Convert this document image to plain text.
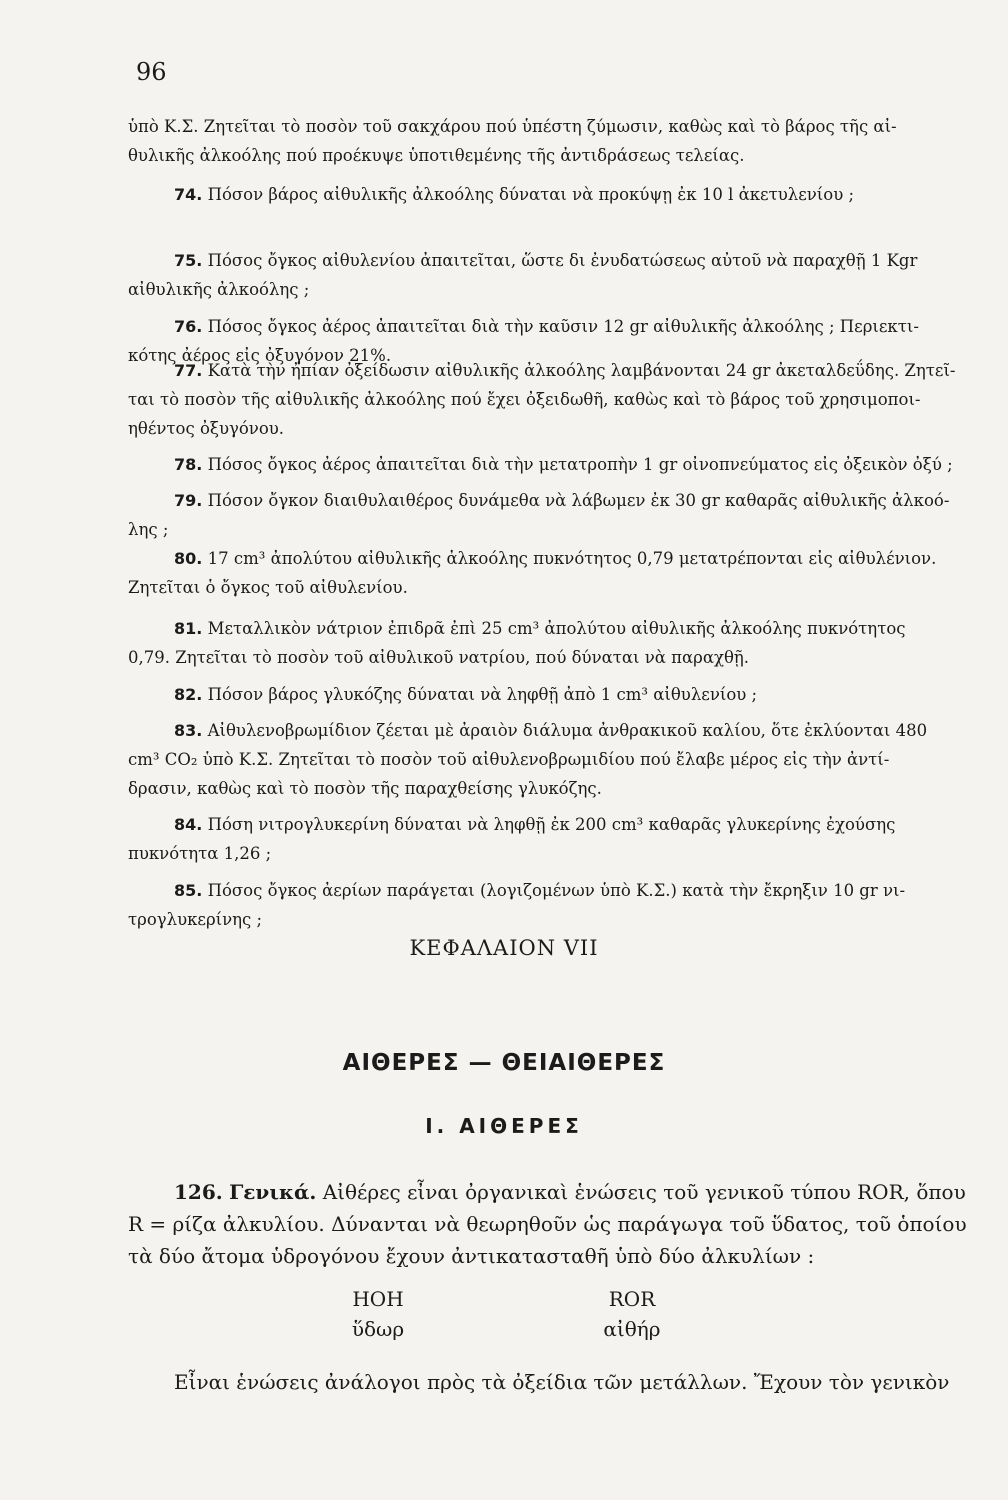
96
ὑπὸ Κ.Σ. Ζητεῖται τὸ ποσὸν τοῦ σακχάρου πού ὑπέστη ζύμωσιν, καθὼς καὶ τὸ βάρος τῆς αἰ-
θυλικῆς ἀλκοόλης πού προέκυψε ὑποτιθεμένης τῆς ἀντιδράσεως τελείας.
74. Πόσον βάρος αἰθυλικῆς ἀλκοόλης δύναται νὰ προκύψῃ ἐκ 10 l ἀκετυλενίου ;
75. Πόσος ὄγκος αἰθυλενίου ἀπαιτεῖται, ὥστε δι ἐνυδατώσεως αὐτοῦ νὰ παραχθῇ 1 Kgr
αἰθυλικῆς ἀλκοόλης ;
76. Πόσος ὄγκος ἀέρος ἀπαιτεῖται διὰ τὴν καῦσιν 12 gr αἰθυλικῆς ἀλκοόλης ; Περιεκτι-
κότης ἀέρος εἰς ὀξυγόνον 21%.
77. Κατὰ τὴν ἠπίαν ὀξείδωσιν αἰθυλικῆς ἀλκοόλης λαμβάνονται 24 gr ἀκεταλδεΰδης. Ζητεῖ-
ται τὸ ποσὸν τῆς αἰθυλικῆς ἀλκοόλης πού ἔχει ὀξειδωθῆ, καθὼς καὶ τὸ βάρος τοῦ χρησιμοποι-
ηθέντος ὀξυγόνου.
78. Πόσος ὄγκος ἀέρος ἀπαιτεῖται διὰ τὴν μετατροπὴν 1 gr οἰνοπνεύματος εἰς ὀξεικὸν ὀξύ ;
79. Πόσον ὄγκον διαιθυλαιθέρος δυνάμεθα νὰ λάβωμεν ἐκ 30 gr καθαρᾶς αἰθυλικῆς ἀλκοό-
λης ;
80. 17 cm³ ἀπολύτου αἰθυλικῆς ἀλκοόλης πυκνότητος 0,79 μετατρέπονται εἰς αἰθυλένιον.
Ζητεῖται ὁ ὄγκος τοῦ αἰθυλενίου.
81. Μεταλλικὸν νάτριον ἐπιδρᾶ ἐπὶ 25 cm³ ἀπολύτου αἰθυλικῆς ἀλκοόλης πυκνότητος
0,79. Ζητεῖται τὸ ποσὸν τοῦ αἰθυλικοῦ νατρίου, πού δύναται νὰ παραχθῇ.
82. Πόσον βάρος γλυκόζης δύναται νὰ ληφθῇ ἀπὸ 1 cm³ αἰθυλενίου ;
83. Αἰθυλενοβρωμίδιον ζέεται μὲ ἀραιὸν διάλυμα ἀνθρακικοῦ καλίου, ὅτε ἐκλύονται 480
cm³ CO₂ ὑπὸ Κ.Σ. Ζητεῖται τὸ ποσὸν τοῦ αἰθυλενοβρωμιδίου πού ἔλαβε μέρος εἰς τὴν ἀντί-
δρασιν, καθὼς καὶ τὸ ποσὸν τῆς παραχθείσης γλυκόζης.
84. Πόση νιτρογλυκερίνη δύναται νὰ ληφθῇ ἐκ 200 cm³ καθαρᾶς γλυκερίνης ἐχούσης
πυκνότητα 1,26 ;
85. Πόσος ὄγκος ἀερίων παράγεται (λογιζομένων ὑπὸ Κ.Σ.) κατὰ τὴν ἔκρηξιν 10 gr νι-
τρογλυκερίνης ;
ΚΕΦΑΛΑΙΟΝ VII
ΑΙΘΕΡΕΣ — ΘΕΙΑΙΘΕΡΕΣ
I. ΑΙΘΕΡΕΣ
126. Γενικά. Αἰθέρες εἶναι ὀργανικαὶ ἑνώσεις τοῦ γενικοῦ τύπου ROR, ὅπου
R = ρίζα ἀλκυλίου. Δύνανται νὰ θεωρηθοῦν ὡς παράγωγα τοῦ ὕδατος, τοῦ ὁποίου
τὰ δύο ἄτομα ὑδρογόνου ἔχουν ἀντικατασταθῆ ὑπὸ δύο ἀλκυλίων :
HOH
ὕδωρ
ROR
αἰθήρ
Εἶναι ἑνώσεις ἀνάλογοι πρὸς τὰ ὀξείδια τῶν μετάλλων. Ἔχουν τὸν γενικὸν
